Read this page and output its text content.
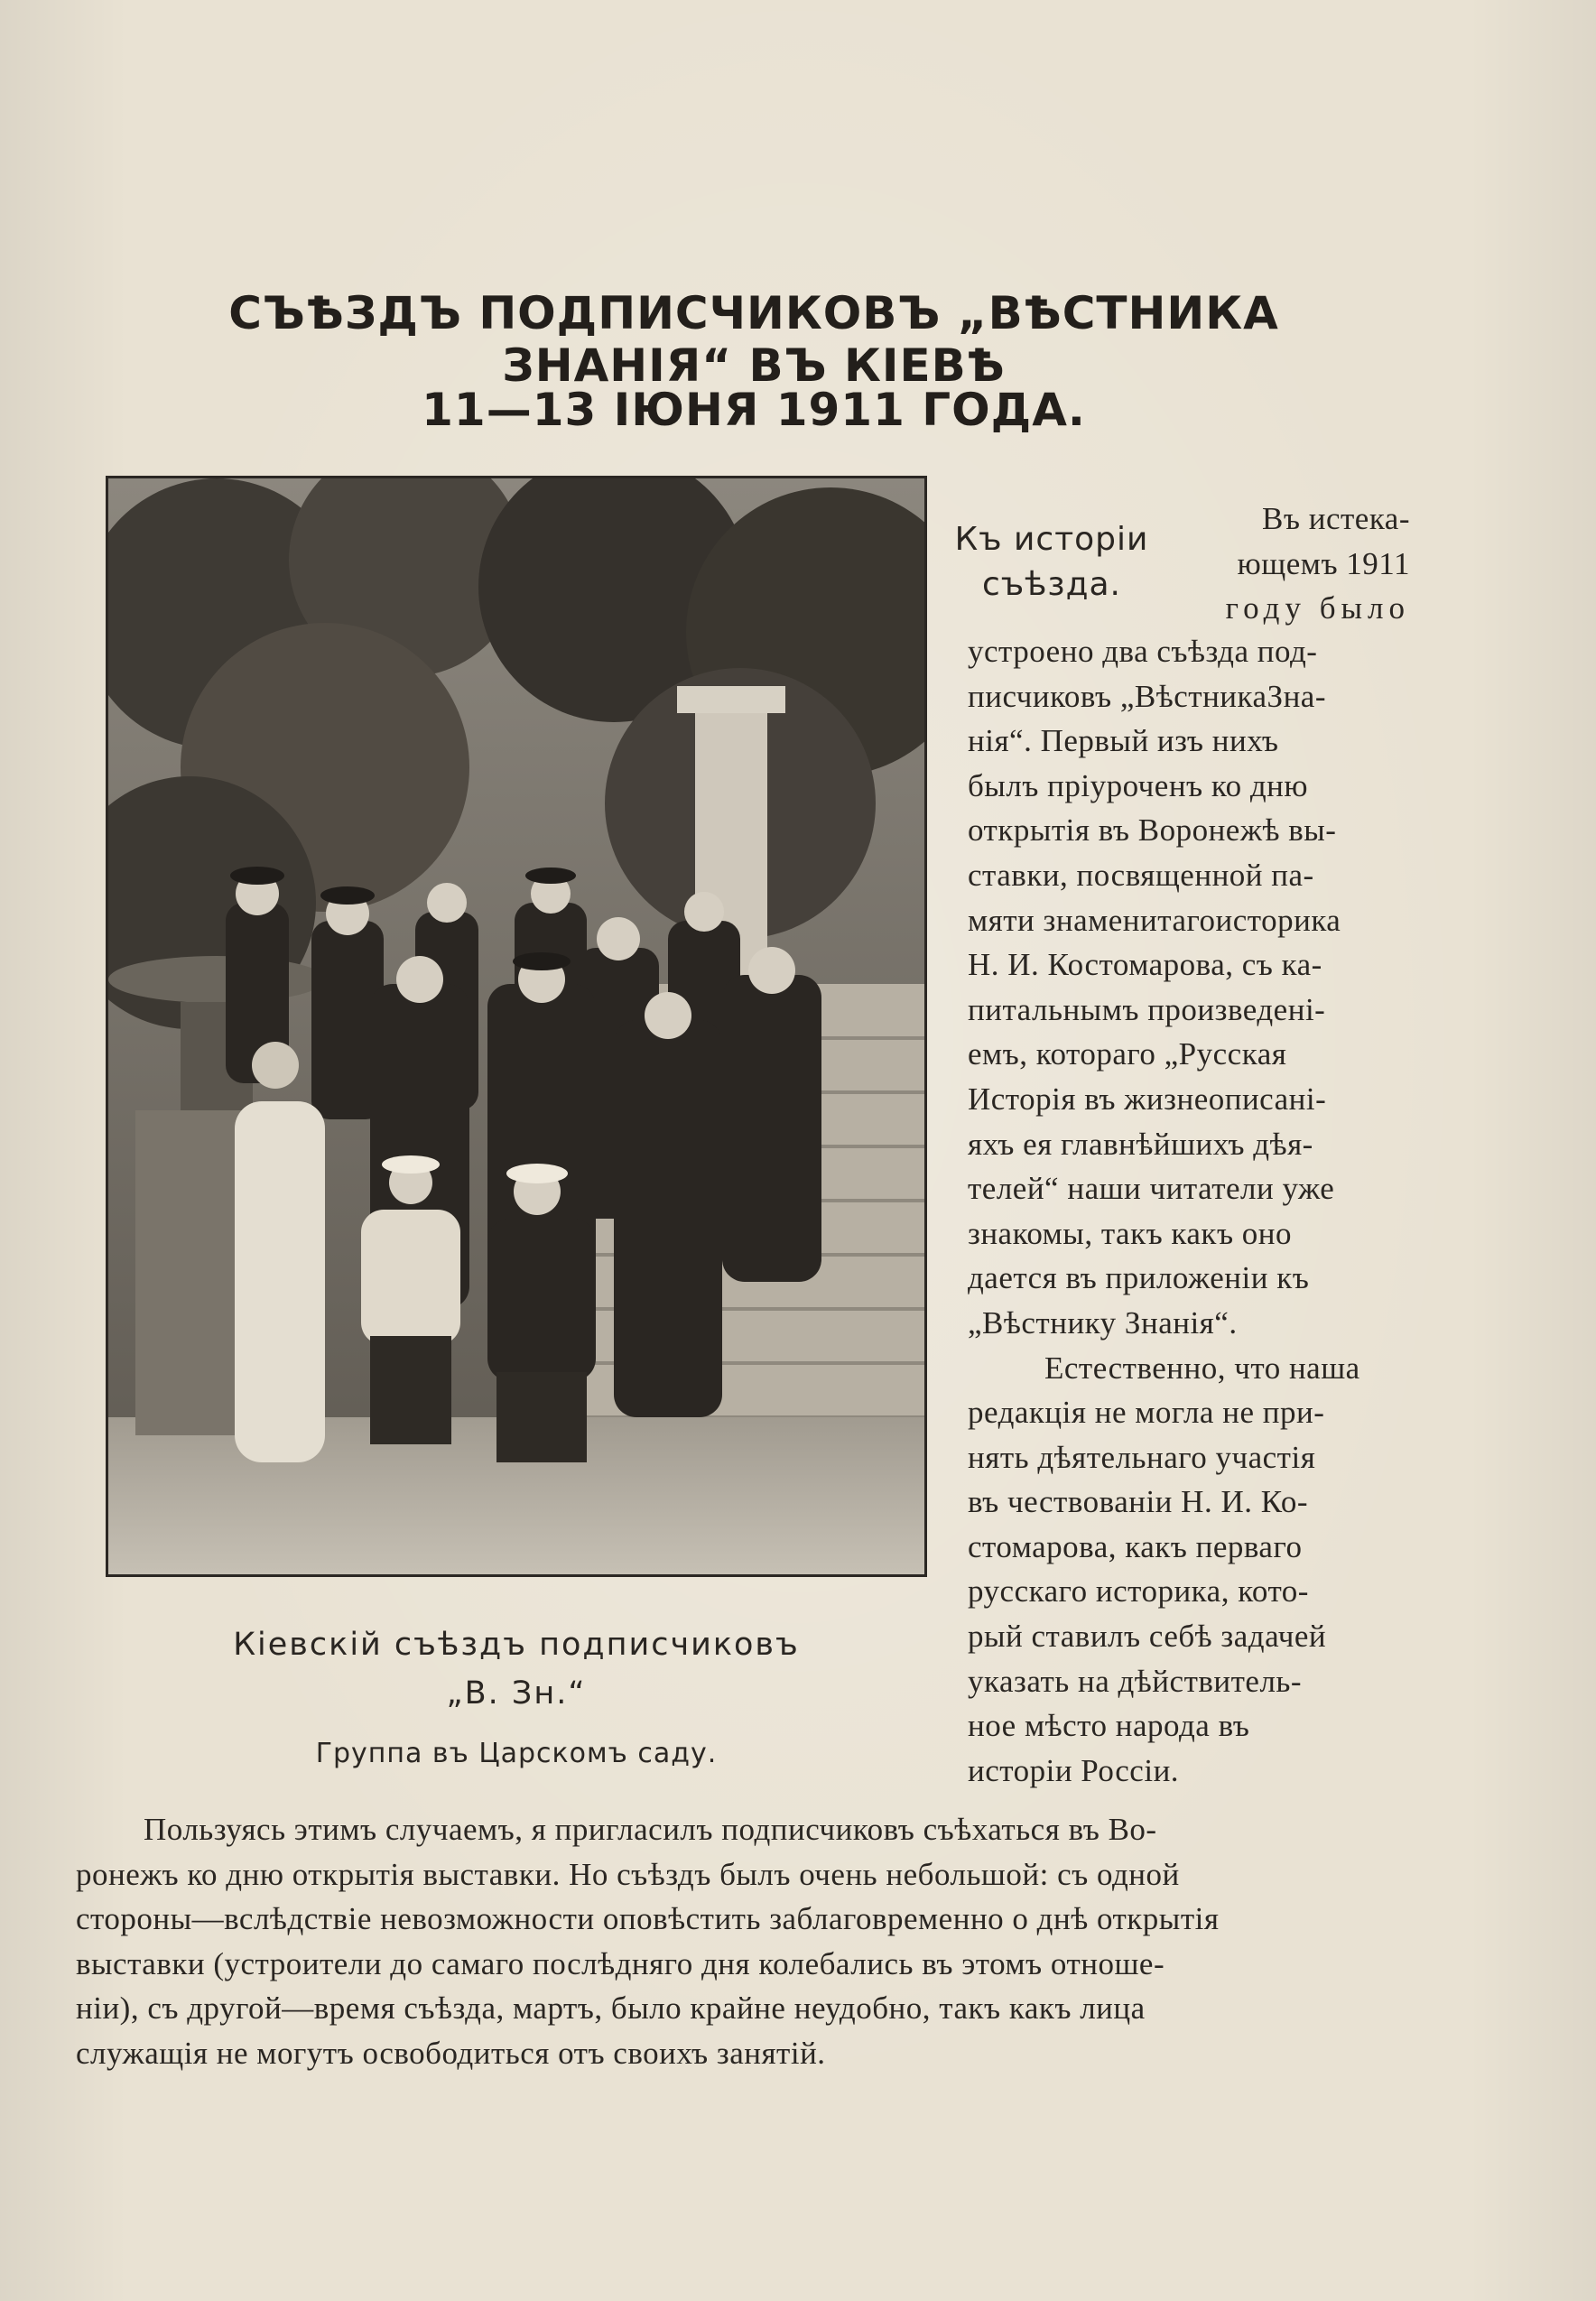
СЪѢЗДЪ ПОДПИСЧИКОВЪ „ВѢСТНИКА ЗНАНІЯ“ ВЪ КІЕВѢ
11—13 ІЮНЯ 1911 ГОДА.
Кіевскій съѣздъ подписчиковъ
„В. Зн.“
Группа въ Царскомъ саду.
Къ исторіи
съѣзда.
Въ истека-
ющемъ 1911
году было
устроено два съѣзда под-
писчиковъ „ВѣстникаЗна-
нія“. Первый изъ нихъ
былъ пріуроченъ ко дню
открытія въ Воронежѣ вы-
ставки, посвященной па-
мяти знаменитагоисторика
Н. И. Костомарова, съ ка-
питальнымъ произведені-
емъ, котораго „Русская
Исторія въ жизнеописані-
яхъ ея главнѣйшихъ дѣя-
телей“ наши читатели уже
знакомы, такъ какъ оно
дается въ приложеніи къ
„Вѣстнику Знанія“.
Естественно, что наша
редакція не могла не при-
нять дѣятельнаго участія
въ чествованіи Н. И. Ко-
стомарова, какъ перваго
русскаго историка, кото-
рый ставилъ себѣ задачей
указать на дѣйствитель-
ное мѣсто народа въ
исторіи Россіи.
Пользуясь этимъ случаемъ, я пригласилъ подписчиковъ съѣхаться въ Во-
ронежъ ко дню открытія выставки. Но съѣздъ былъ очень небольшой: съ одной
стороны—вслѣдствіе невозможности оповѣстить заблаговременно о днѣ открытія
выставки (устроители до самаго послѣдняго дня колебались въ этомъ отноше-
ніи), съ другой—время съѣзда, мартъ, было крайне неудобно, такъ какъ лица
служащія не могутъ освободиться отъ своихъ занятій.
